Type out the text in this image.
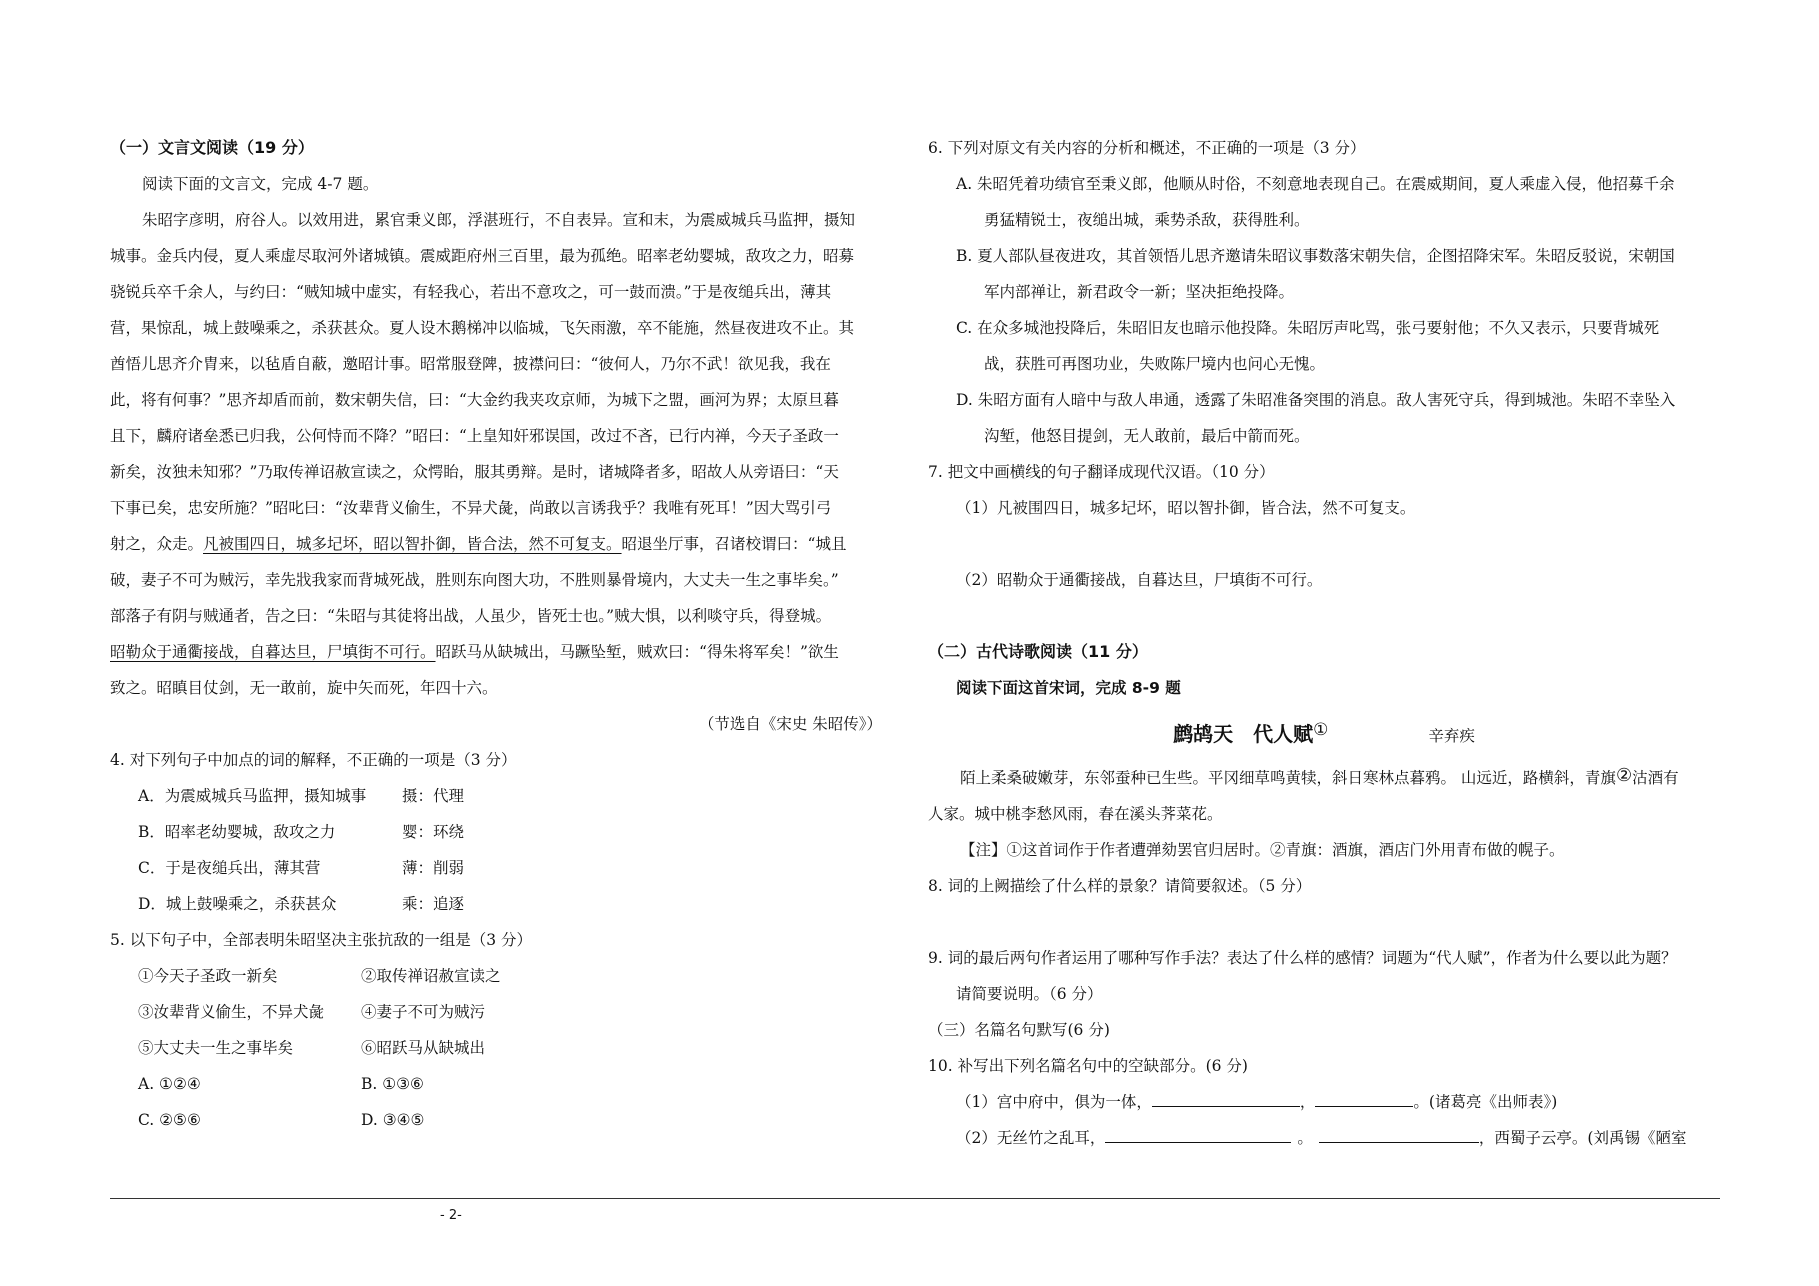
（一）文言文阅读（19 分）
阅读下面的文言文，完成 4-7 题。
朱昭字彦明，府谷人。以效用进，累官秉义郎，浮湛班行，不自表异。宣和末，为震威城兵马监押，摄知
城事。金兵内侵，夏人乘虚尽取河外诸城镇。震威距府州三百里，最为孤绝。昭率老幼婴城，敌攻之力，昭募
骁锐兵卒千余人，与约曰：“贼知城中虚实，有轻我心，若出不意攻之，可一鼓而溃。”于是夜缒兵出，薄其
营，果惊乱，城上鼓噪乘之，杀获甚众。夏人设木鹅梯冲以临城，飞矢雨激，卒不能施，然昼夜进攻不止。其
酋悟儿思齐介胄来，以毡盾自蔽，邀昭计事。昭常服登陴，披襟问曰：“彼何人，乃尔不武！欲见我，我在
此，将有何事？”思齐却盾而前，数宋朝失信，曰：“大金约我夹攻京师，为城下之盟，画河为界；太原旦暮
且下，麟府诸垒悉已归我，公何恃而不降？”昭曰：“上皇知奸邪误国，改过不吝，已行内禅，今天子圣政一
新矣，汝独未知邪？”乃取传禅诏赦宣读之，众愕眙，服其勇辩。是时，诸城降者多，昭故人从旁语曰：“天
下事已矣，忠安所施？”昭叱曰：“汝辈背义偷生，不异犬彘，尚敢以言诱我乎？我唯有死耳！”因大骂引弓
射之，众走。凡被围四日，城多圮坏，昭以智扑御，皆合法，然不可复支。昭退坐厅事，召诸校谓曰：“城且
破，妻子不可为贼污，幸先戕我家而背城死战，胜则东向图大功，不胜则暴骨境内，大丈夫一生之事毕矣。”
部落子有阴与贼通者，告之曰：“朱昭与其徒将出战，人虽少，皆死士也。”贼大惧，以利啖守兵，得登城。
昭勒众于通衢接战，自暮达旦，尸填街不可行。昭跃马从缺城出，马蹶坠堑，贼欢曰：“得朱将军矣！”欲生
致之。昭瞋目仗剑，无一敢前，旋中矢而死，年四十六。
（节选自《宋史 朱昭传》）
4. 对下列句子中加点的词的解释，不正确的一项是（3 分）
A．为震威城兵马监押，摄知城事	摄：代理
B．昭率老幼婴城，敌攻之力	婴：环绕
C．于是夜缒兵出，薄其营	薄：削弱
D．城上鼓噪乘之，杀获甚众	乘：追逐
5. 以下句子中，全部表明朱昭坚决主张抗敌的一组是（3 分）
①今天子圣政一新矣	②取传禅诏赦宣读之
③汝辈背义偷生，不异犬彘	④妻子不可为贼污
⑤大丈夫一生之事毕矣	⑥昭跃马从缺城出
A. ①②④	B. ①③⑥
C. ②⑤⑥	D. ③④⑤
6. 下列对原文有关内容的分析和概述，不正确的一项是（3 分）
A. 朱昭凭着功绩官至秉义郎，他顺从时俗，不刻意地表现自己。在震威期间，夏人乘虚入侵，他招募千余
勇猛精锐士，夜缒出城，乘势杀敌，获得胜利。
B. 夏人部队昼夜进攻，其首领悟儿思齐邀请朱昭议事数落宋朝失信，企图招降宋军。朱昭反驳说，宋朝国
军内部禅让，新君政令一新；坚决拒绝投降。
C. 在众多城池投降后，朱昭旧友也暗示他投降。朱昭厉声叱骂，张弓要射他；不久又表示，只要背城死
战，获胜可再图功业，失败陈尸境内也问心无愧。
D. 朱昭方面有人暗中与敌人串通，透露了朱昭准备突围的消息。敌人害死守兵，得到城池。朱昭不幸坠入
沟堑，他怒目提剑，无人敢前，最后中箭而死。
7. 把文中画横线的句子翻译成现代汉语。（10 分）
（1）凡被围四日，城多圮坏，昭以智扑御，皆合法，然不可复支。
（2）昭勒众于通衢接战，自暮达旦，尸填街不可行。
（二）古代诗歌阅读（11 分）
阅读下面这首宋词，完成 8-9 题
鹧鸪天　代人赋①	辛弃疾
陌上柔桑破嫩芽，东邻蚕种已生些。平冈细草鸣黄犊，斜日寒林点暮鸦。 山远近，路横斜，青旗②沽酒有
人家。城中桃李愁风雨，春在溪头荠菜花。
【注】①这首词作于作者遭弹劾罢官归居时。②青旗：酒旗，酒店门外用青布做的幌子。
8. 词的上阙描绘了什么样的景象？请简要叙述。（5 分）
9. 词的最后两句作者运用了哪种写作手法？表达了什么样的感情？词题为“代人赋”，作者为什么要以此为题？
请简要说明。（6 分）
（三）名篇名句默写(6 分)
10. 补写出下列名篇名句中的空缺部分。(6 分)
（1）宫中府中，俱为一体，	，	。(诸葛亮《出师表》)
（2）无丝竹之乱耳，	。	，西蜀子云亭。(刘禹锡《陋室
- 2-
